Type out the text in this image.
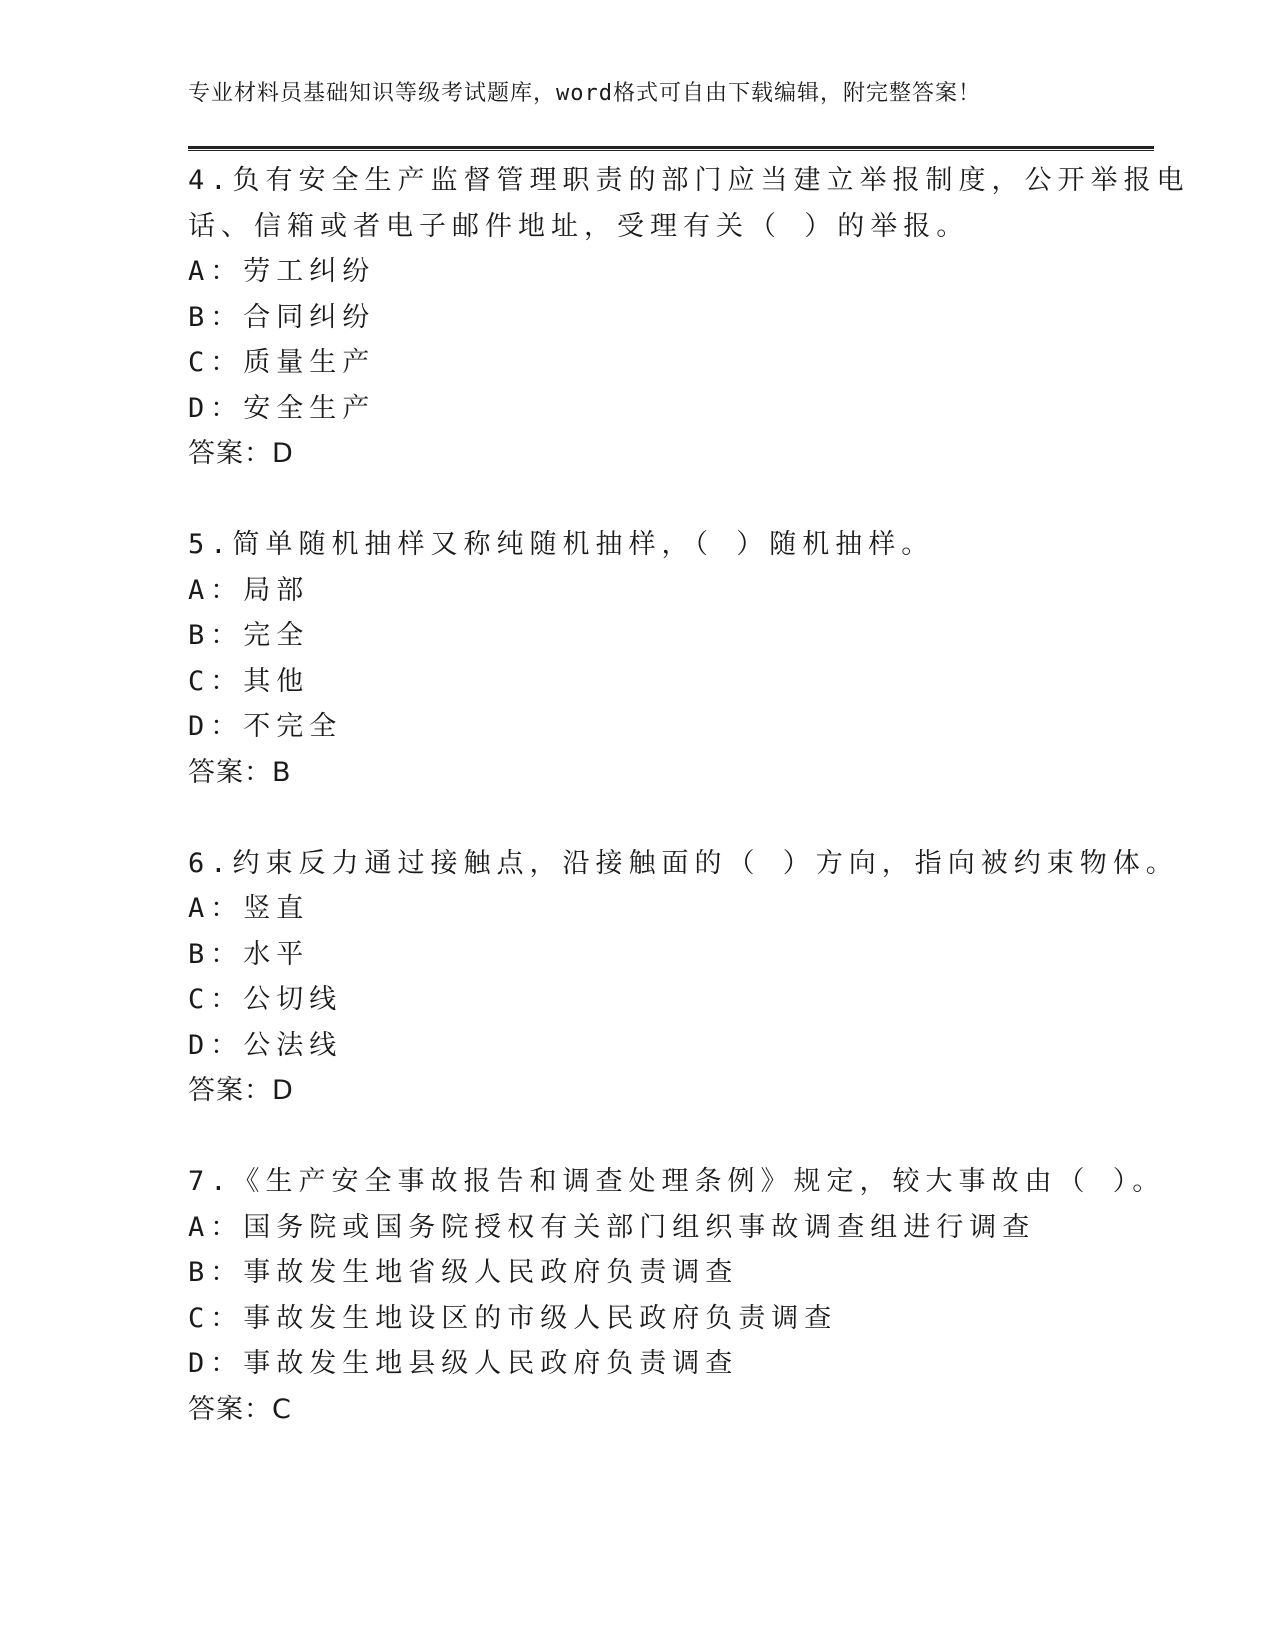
专业材料员基础知识等级考试题库，word格式可自由下载编辑，附完整答案！
4.负有安全生产监督管理职责的部门应当建立举报制度，公开举报电
话、信箱或者电子邮件地址，受理有关（ ）的举报。
A：劳工纠纷
B：合同纠纷
C：质量生产
D：安全生产
答案：D
5.简单随机抽样又称纯随机抽样，（ ）随机抽样。
A：局部
B：完全
C：其他
D：不完全
答案：B
6.约束反力通过接触点，沿接触面的（ ）方向，指向被约束物体。
A：竖直
B：水平
C：公切线
D：公法线
答案：D
7.《生产安全事故报告和调查处理条例》规定，较大事故由（ ）。
A：国务院或国务院授权有关部门组织事故调查组进行调查
B：事故发生地省级人民政府负责调查
C：事故发生地设区的市级人民政府负责调查
D：事故发生地县级人民政府负责调查
答案：C
